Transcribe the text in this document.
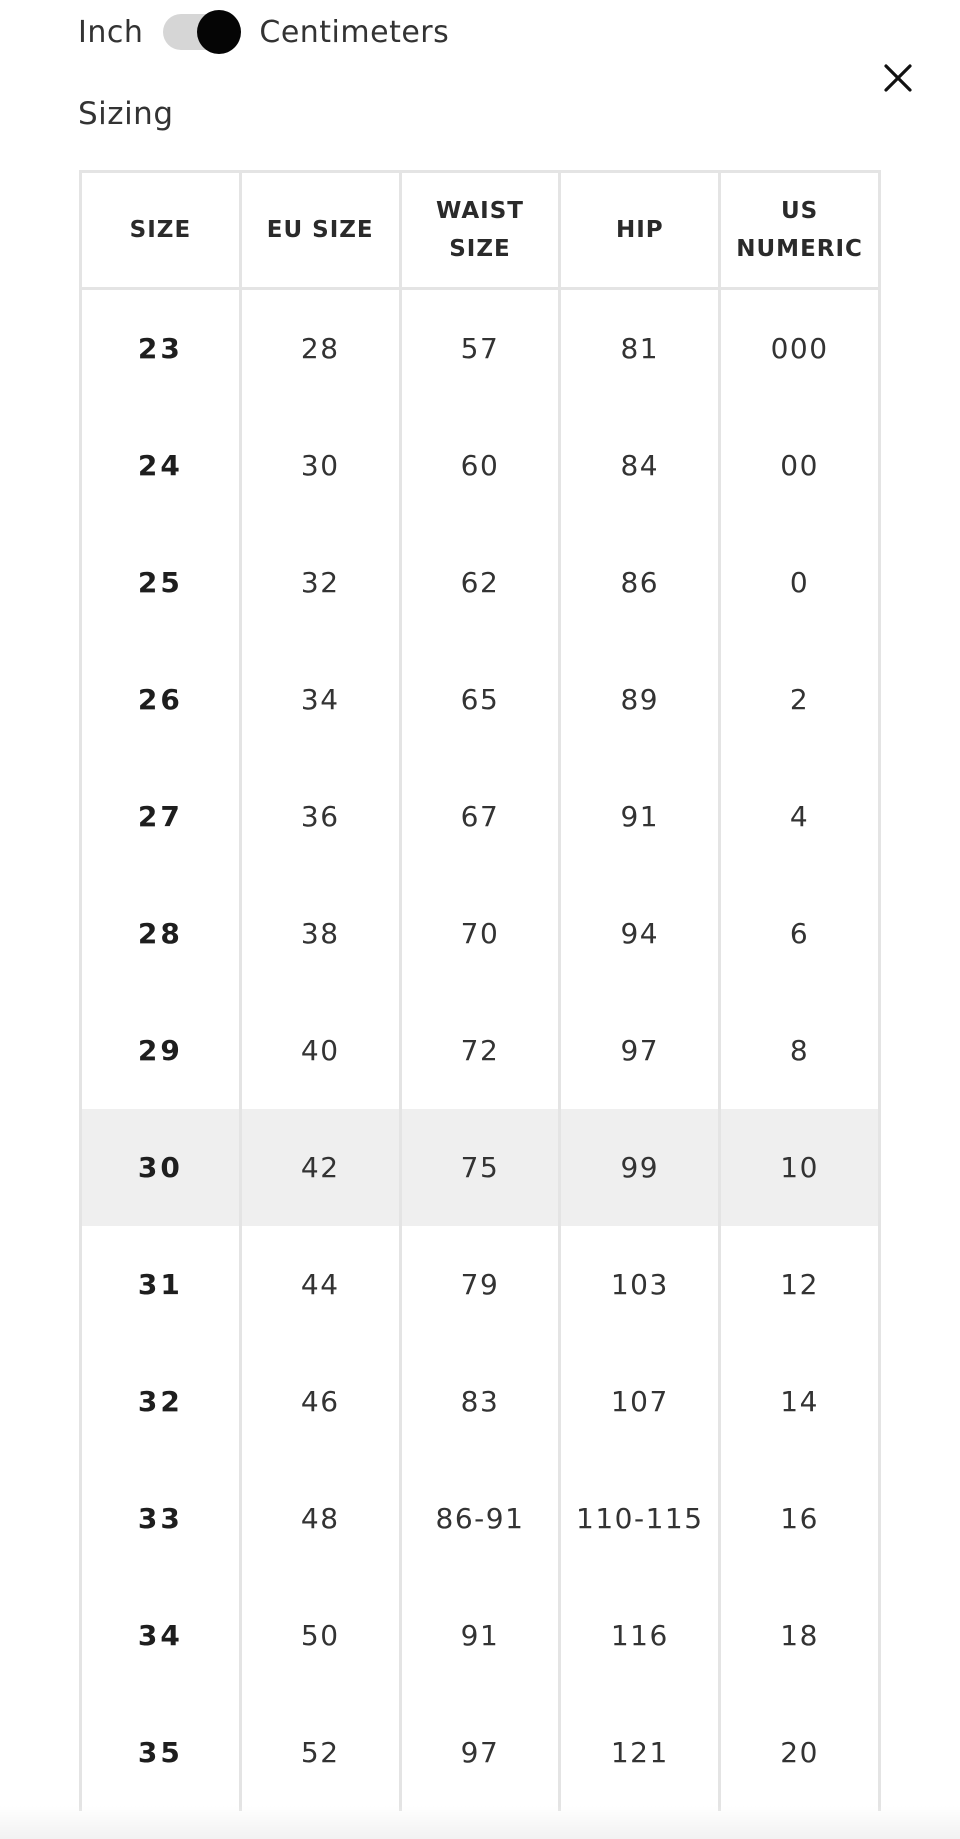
Inch	Centimeters
Sizing
SIZE	EU SIZE	WAIST SIZE	HIP	US NUMERIC
23	28	57	81	000
24	30	60	84	00
25	32	62	86	0
26	34	65	89	2
27	36	67	91	4
28	38	70	94	6
29	40	72	97	8
30	42	75	99	10
31	44	79	103	12
32	46	83	107	14
33	48	86-91	110-115	16
34	50	91	116	18
35	52	97	121	20
